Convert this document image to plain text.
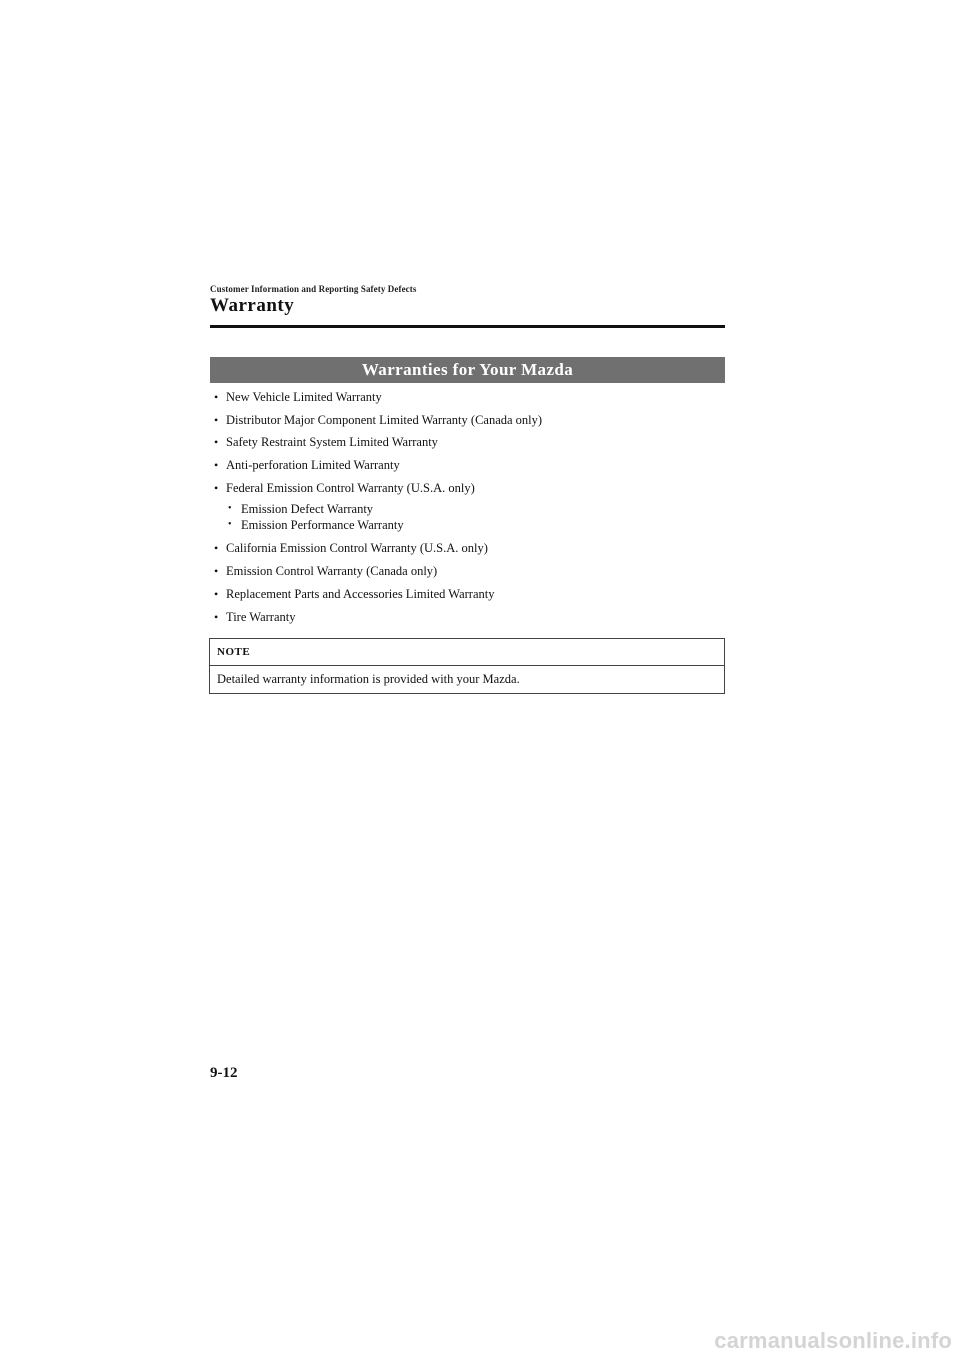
Customer Information and Reporting Safety Defects
Warranty
Warranties for Your Mazda
• New Vehicle Limited Warranty
• Distributor Major Component Limited Warranty (Canada only)
• Safety Restraint System Limited Warranty
• Anti-perforation Limited Warranty
• Federal Emission Control Warranty (U.S.A. only)
• Emission Defect Warranty
• Emission Performance Warranty
• California Emission Control Warranty (U.S.A. only)
• Emission Control Warranty (Canada only)
• Replacement Parts and Accessories Limited Warranty
• Tire Warranty
NOTE
Detailed warranty information is provided with your Mazda.
9-12
carmanualsonline.info
